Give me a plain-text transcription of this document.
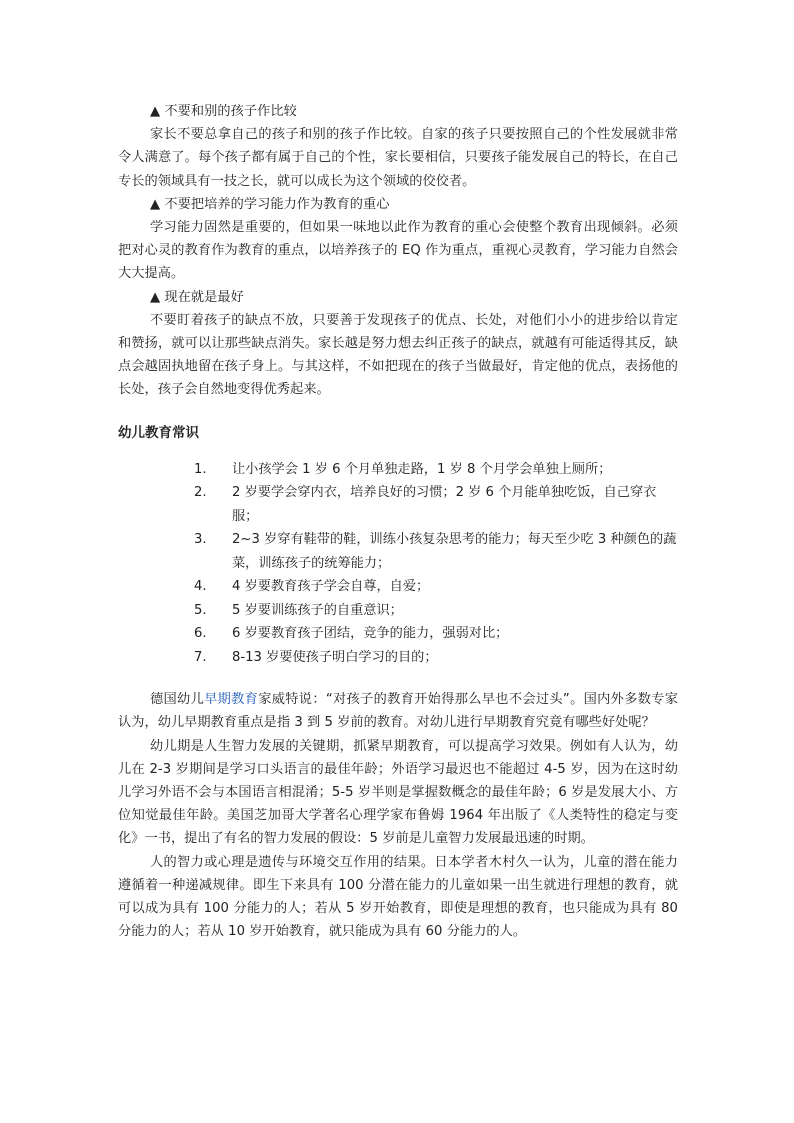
▲ 不要和别的孩子作比较
家长不要总拿自己的孩子和别的孩子作比较。自家的孩子只要按照自己的个性发展就非常令人满意了。每个孩子都有属于自己的个性，家长要相信，只要孩子能发展自己的特长，在自己专长的领域具有一技之长，就可以成长为这个领域的佼佼者。
▲ 不要把培养的学习能力作为教育的重心
学习能力固然是重要的，但如果一味地以此作为教育的重心会使整个教育出现倾斜。必须把对心灵的教育作为教育的重点，以培养孩子的 EQ 作为重点，重视心灵教育，学习能力自然会大大提高。
▲ 现在就是最好
不要盯着孩子的缺点不放，只要善于发现孩子的优点、长处，对他们小小的进步给以肯定和赞扬，就可以让那些缺点消失。家长越是努力想去纠正孩子的缺点，就越有可能适得其反，缺点会越固执地留在孩子身上。与其这样，不如把现在的孩子当做最好，肯定他的优点，表扬他的长处，孩子会自然地变得优秀起来。
幼儿教育常识
1.	让小孩学会 1 岁 6 个月单独走路，1 岁 8 个月学会单独上厕所；
2.	2 岁要学会穿内衣，培养良好的习惯；2 岁 6 个月能单独吃饭，自己穿衣服；
3.	2~3 岁穿有鞋带的鞋，训练小孩复杂思考的能力；每天至少吃 3 种颜色的蔬菜，训练孩子的统筹能力；
4.	4 岁要教育孩子学会自尊，自爱；
5.	5 岁要训练孩子的自重意识；
6.	6 岁要教育孩子团结，竞争的能力，强弱对比；
7.	8-13 岁要使孩子明白学习的目的；
德国幼儿早期教育家威特说：“对孩子的教育开始得那么早也不会过头”。国内外多数专家认为，幼儿早期教育重点是指 3 到 5 岁前的教育。对幼儿进行早期教育究竟有哪些好处呢？
幼儿期是人生智力发展的关键期，抓紧早期教育，可以提高学习效果。例如有人认为，幼儿在 2-3 岁期间是学习口头语言的最佳年龄；外语学习最迟也不能超过 4-5 岁，因为在这时幼儿学习外语不会与本国语言相混淆；5-5 岁半则是掌握数概念的最佳年龄；6 岁是发展大小、方位知觉最佳年龄。美国芝加哥大学著名心理学家布鲁姆 1964 年出版了《人类特性的稳定与变化》一书，提出了有名的智力发展的假设：5 岁前是儿童智力发展最迅速的时期。
人的智力或心理是遗传与环境交互作用的结果。日本学者木村久一认为，儿童的潜在能力遵循着一种递减规律。即生下来具有 100 分潜在能力的儿童如果一出生就进行理想的教育，就可以成为具有 100 分能力的人；若从 5 岁开始教育，即使是理想的教育，也只能成为具有 80 分能力的人；若从 10 岁开始教育，就只能成为具有 60 分能力的人。
